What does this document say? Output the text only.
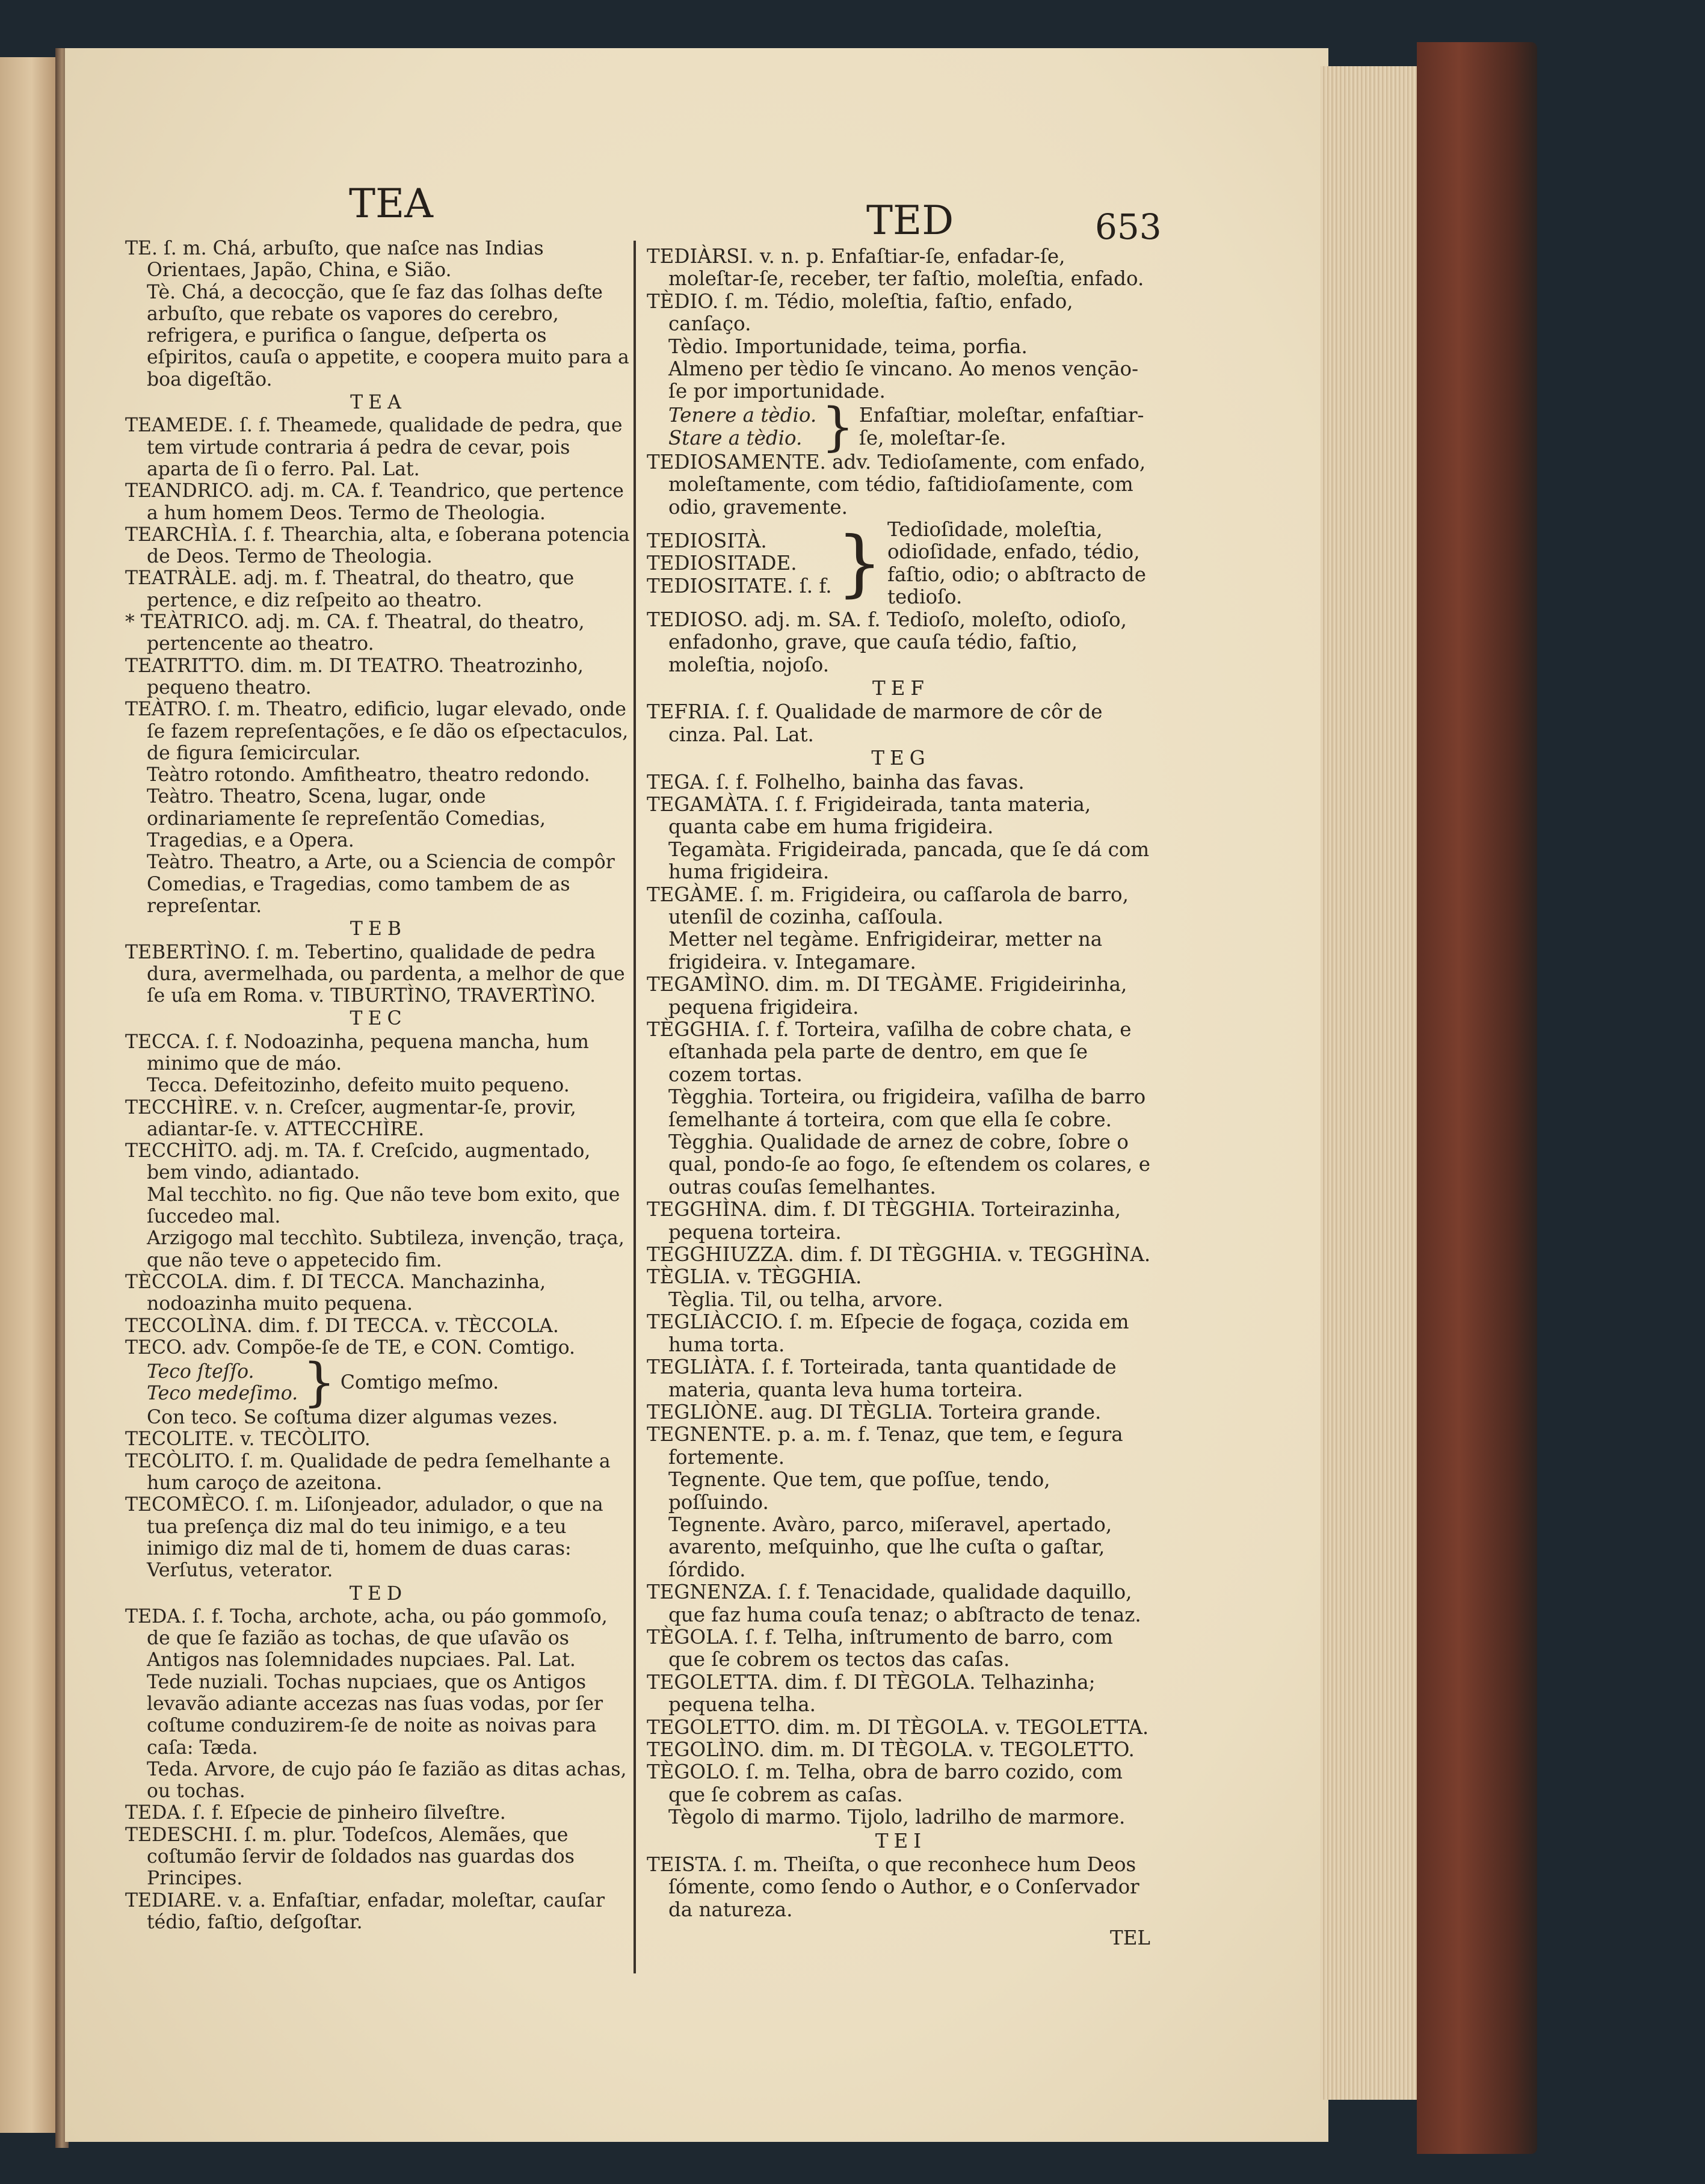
TEA	TED	653
TE. ſ. m. Chá, arbuſto, que naſce nas Indias Orientaes, Japão, China, e Sião.
Tè. Chá, a decocção, que ſe faz das ſolhas deſte arbuſto, que rebate os vapores do cerebro, refrigera, e purifica o ſangue, deſperta os eſpiritos, cauſa o appetite, e coopera muito para a boa digeſtão.
TEA
TEAMEDE. ſ. f. Theamede, qualidade de pedra, que tem virtude contraria á pedra de cevar, pois aparta de ſi o ferro. Pal. Lat.
TEANDRICO. adj. m. CA. f. Teandrico, que pertence a hum homem Deos. Termo de Theologia.
TEARCHÌA. ſ. f. Thearchia, alta, e ſoberana potencia de Deos. Termo de Theologia.
TEATRÀLE. adj. m. f. Theatral, do theatro, que pertence, e diz reſpeito ao theatro.
* TEÀTRICO. adj. m. CA. f. Theatral, do theatro, pertencente ao theatro.
TEATRITTO. dim. m. DI TEATRO. Theatrozinho, pequeno theatro.
TEÀTRO. ſ. m. Theatro, edificio, lugar elevado, onde ſe fazem repreſentações, e ſe dão os eſpectaculos, de figura ſemicircular.
Teàtro rotondo. Amfitheatro, theatro redondo.
Teàtro. Theatro, Scena, lugar, onde ordinariamente ſe repreſentão Comedias, Tragedias, e a Opera.
Teàtro. Theatro, a Arte, ou a Sciencia de compôr Comedias, e Tragedias, como tambem de as repreſentar.
TEB
TEBERTÌNO. ſ. m. Tebertino, qualidade de pedra dura, avermelhada, ou pardenta, a melhor de que ſe uſa em Roma. v. TIBURTÌNO, TRAVERTÌNO.
TEC
TECCA. ſ. f. Nodoazinha, pequena mancha, hum minimo que de máo.
Tecca. Defeitozinho, defeito muito pequeno.
TECCHÌRE. v. n. Creſcer, augmentar-ſe, provir, adiantar-ſe. v. ATTECCHÌRE.
TECCHÌTO. adj. m. TA. f. Creſcido, augmentado, bem vindo, adiantado.
Mal tecchìto. no fig. Que não teve bom exito, que ſuccedeo mal.
Arzigogo mal tecchìto. Subtileza, invenção, traça, que não teve o appetecido fim.
TÈCCOLA. dim. f. DI TECCA. Manchazinha, nodoazinha muito pequena.
TECCOLÌNA. dim. f. DI TECCA. v. TÈCCOLA.
TECO. adv. Compõe-ſe de TE, e CON. Comtigo.
Teco ſteſſo.
Teco medeſimo. } Comtigo meſmo.
Con teco. Se coſtuma dizer algumas vezes.
TECOLITE. v. TECÒLITO.
TECÒLITO. ſ. m. Qualidade de pedra ſemelhante a hum caroço de azeitona.
TECOMÈCO. ſ. m. Liſonjeador, adulador, o que na tua preſença diz mal do teu inimigo, e a teu inimigo diz mal de ti, homem de duas caras: Verſutus, veterator.
TED
TEDA. ſ. f. Tocha, archote, acha, ou páo gommoſo, de que ſe fazião as tochas, de que uſavão os Antigos nas ſolemnidades nupciaes. Pal. Lat.
Tede nuziali. Tochas nupciaes, que os Antigos levavão adiante accezas nas ſuas vodas, por ſer coſtume conduzirem-ſe de noite as noivas para caſa: Tæda.
Teda. Arvore, de cujo páo ſe fazião as ditas achas, ou tochas.
TEDA. ſ. f. Eſpecie de pinheiro ſilveſtre.
TEDESCHI. ſ. m. plur. Todeſcos, Alemães, que coſtumão ſervir de ſoldados nas guardas dos Principes.
TEDIARE. v. a. Enfaſtiar, enfadar, moleſtar, cauſar tédio, faſtio, deſgoſtar.
TEDIÀRSI. v. n. p. Enfaſtiar-ſe, enfadar-ſe, moleſtar-ſe, receber, ter faſtio, moleſtia, enfado.
TÈDIO. ſ. m. Tédio, moleſtia, faſtio, enfado, canſaço.
Tèdio. Importunidade, teima, porfia.
Almeno per tèdio ſe vincano. Ao menos vençāo-ſe por importunidade.
Tenere a tèdio.
Stare a tèdio. } Enfaſtiar, moleſtar, enfaſtiar-ſe, moleſtar-ſe.
TEDIOSAMENTE. adv. Tedioſamente, com enfado, moleſtamente, com tédio, faſtidioſamente, com odio, gravemente.
TEDIOSITÀ.
TEDIOSITADE.
TEDIOSITATE. ſ. f. } Tedioſidade, moleſtia, odioſidade, enfado, tédio, faſtio, odio; o abſtracto de tedioſo.
TEDIOSO. adj. m. SA. f. Tedioſo, moleſto, odioſo, enfadonho, grave, que cauſa tédio, faſtio, moleſtia, nojoſo.
TEF
TEFRIA. ſ. f. Qualidade de marmore de côr de cinza. Pal. Lat.
TEG
TEGA. ſ. f. Folhelho, bainha das favas.
TEGAMÀTA. ſ. f. Frigideirada, tanta materia, quanta cabe em huma frigideira.
Tegamàta. Frigideirada, pancada, que ſe dá com huma frigideira.
TEGÀME. ſ. m. Frigideira, ou caſſarola de barro, utenſil de cozinha, caſſoula.
Metter nel tegàme. Enfrigideirar, metter na frigideira. v. Integamare.
TEGAMÌNO. dim. m. DI TEGÀME. Frigideirinha, pequena frigideira.
TÈGGHIA. ſ. f. Torteira, vaſilha de cobre chata, e eſtanhada pela parte de dentro, em que ſe cozem tortas.
Tègghia. Torteira, ou frigideira, vaſilha de barro ſemelhante á torteira, com que ella ſe cobre.
Tègghia. Qualidade de arnez de cobre, ſobre o qual, pondo-ſe ao fogo, ſe eſtendem os colares, e outras couſas ſemelhantes.
TEGGHÌNA. dim. f. DI TÈGGHIA. Torteirazinha, pequena torteira.
TEGGHIUZZA. dim. f. DI TÈGGHIA. v. TEGGHÌNA.
TÈGLIA. v. TÈGGHIA.
Tèglia. Til, ou telha, arvore.
TEGLIÀCCIO. ſ. m. Eſpecie de fogaça, cozida em huma torta.
TEGLIÀTA. ſ. f. Torteirada, tanta quantidade de materia, quanta leva huma torteira.
TEGLIÒNE. aug. DI TÈGLIA. Torteira grande.
TEGNENTE. p. a. m. f. Tenaz, que tem, e ſegura fortemente.
Tegnente. Que tem, que poſſue, tendo, poſſuindo.
Tegnente. Avàro, parco, miſeravel, apertado, avarento, meſquinho, que lhe cuſta o gaſtar, ſórdido.
TEGNENZA. ſ. f. Tenacidade, qualidade daquillo, que faz huma couſa tenaz; o abſtracto de tenaz.
TÈGOLA. ſ. f. Telha, inſtrumento de barro, com que ſe cobrem os tectos das caſas.
TEGOLETTA. dim. f. DI TÈGOLA. Telhazinha; pequena telha.
TEGOLETTO. dim. m. DI TÈGOLA. v. TEGOLETTA.
TEGOLÌNO. dim. m. DI TÈGOLA. v. TEGOLETTO.
TÈGOLO. ſ. m. Telha, obra de barro cozido, com que ſe cobrem as caſas.
Tègolo di marmo. Tijolo, ladrilho de marmore.
TEI
TEISTA. ſ. m. Theiſta, o que reconhece hum Deos ſómente, como ſendo o Author, e o Conſervador da natureza.
TEL
